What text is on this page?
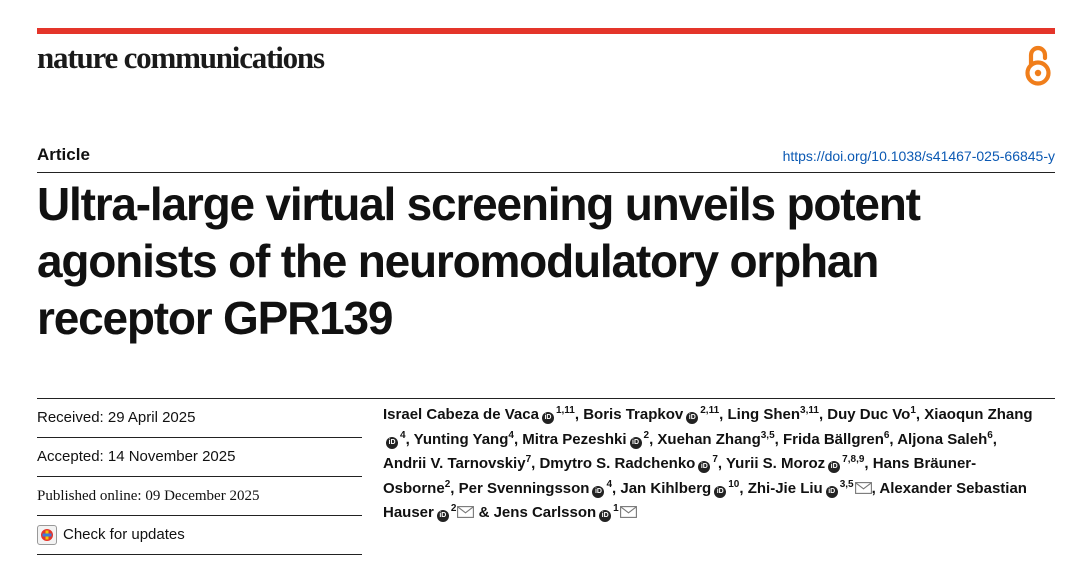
nature communications
Article	https://doi.org/10.1038/s41467-025-66845-y
Ultra-large virtual screening unveils potent agonists of the neuromodulatory orphan receptor GPR139
Received: 29 April 2025
Accepted: 14 November 2025
Published online: 09 December 2025
Check for updates
Israel Cabeza de Vaca iD$^{1,11}$, Boris Trapkov iD$^{2,11}$, Ling Shen$^{3,11}$, Duy Duc Vo$^1$, Xiaoqun ZhangiD$^4$, Yunting Yang$^4$, Mitra Pezeshki $iD^2$, Xuehan Zhang$^{3,5}$, Frida Bällgren$^6$, Aljona Saleh$^6$, Andrii V. Tarnovskiy$^7$, Dmytro S. Radchenko $iD^7$, Yurii S. Moroz iD$^{7,8,9}$, Hans Bräuner-Osborne$^2$, Per Svenningsson $iD^4$, Jan Kihlberg $iD^{10}$, Zhi-Jie Liu iD$^{3,5}$ , Alexander Sebastian Hauser $iD^2$ & Jens Carlsson $iD^1$
